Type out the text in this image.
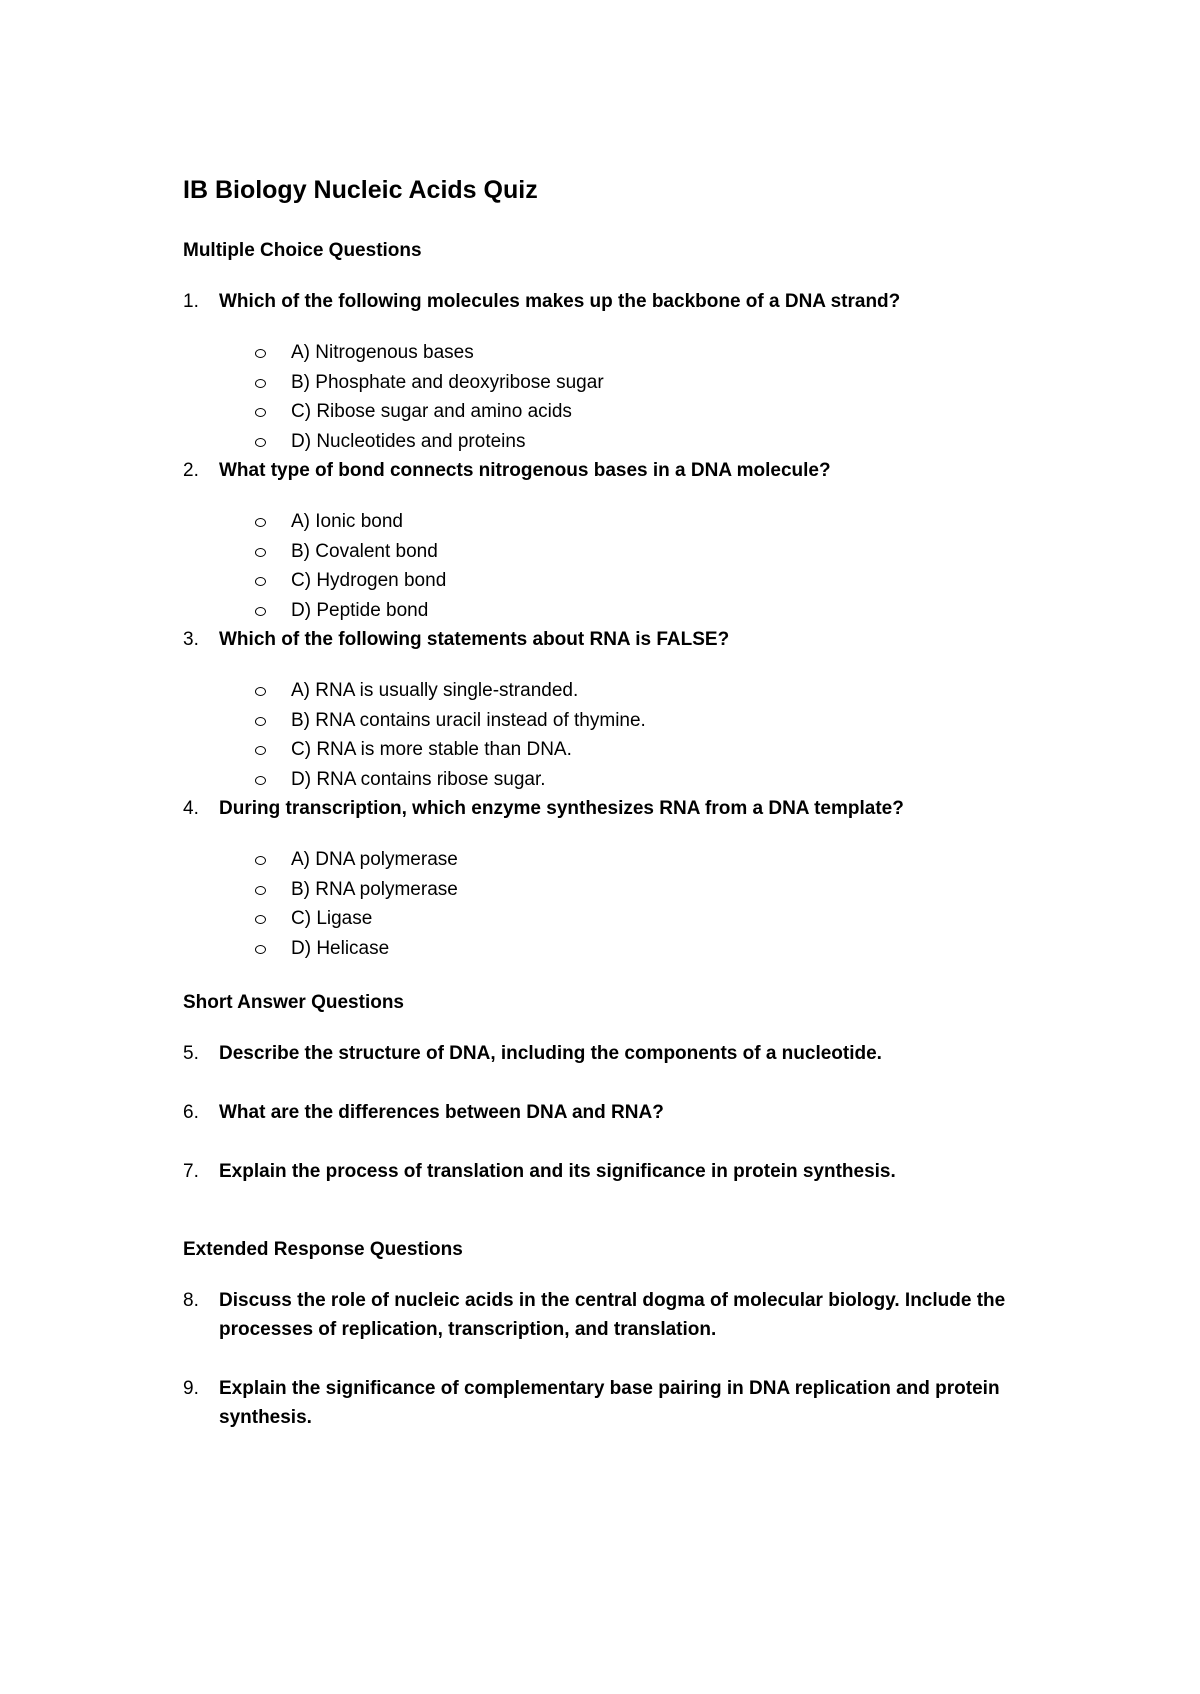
IB Biology Nucleic Acids Quiz
Multiple Choice Questions
1. Which of the following molecules makes up the backbone of a DNA strand?
A) Nitrogenous bases
B) Phosphate and deoxyribose sugar
C) Ribose sugar and amino acids
D) Nucleotides and proteins
2. What type of bond connects nitrogenous bases in a DNA molecule?
A) Ionic bond
B) Covalent bond
C) Hydrogen bond
D) Peptide bond
3. Which of the following statements about RNA is FALSE?
A) RNA is usually single-stranded.
B) RNA contains uracil instead of thymine.
C) RNA is more stable than DNA.
D) RNA contains ribose sugar.
4. During transcription, which enzyme synthesizes RNA from a DNA template?
A) DNA polymerase
B) RNA polymerase
C) Ligase
D) Helicase
Short Answer Questions
5. Describe the structure of DNA, including the components of a nucleotide.
6. What are the differences between DNA and RNA?
7. Explain the process of translation and its significance in protein synthesis.
Extended Response Questions
8. Discuss the role of nucleic acids in the central dogma of molecular biology. Include the processes of replication, transcription, and translation.
9. Explain the significance of complementary base pairing in DNA replication and protein synthesis.
